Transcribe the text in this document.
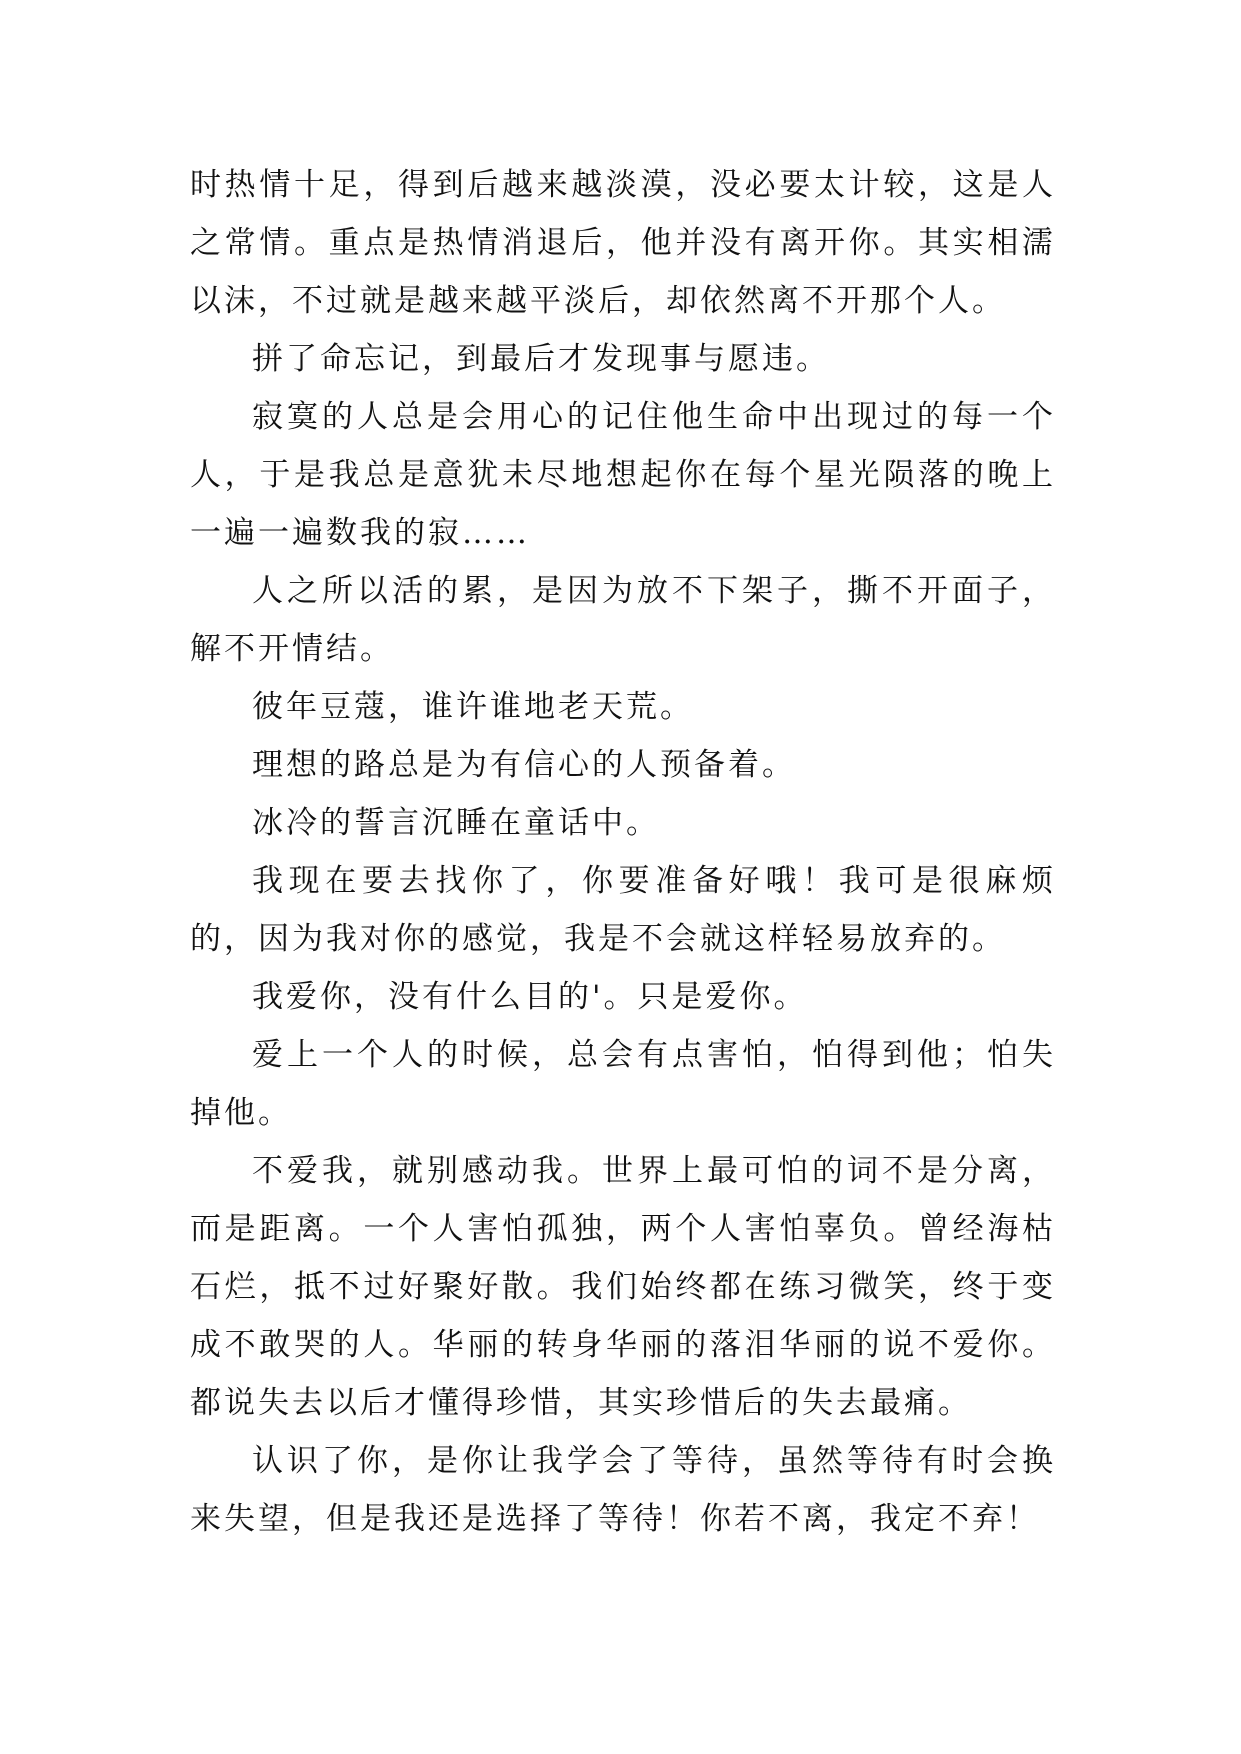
时热情十足，得到后越来越淡漠，没必要太计较，这是人之常情。重点是热情消退后，他并没有离开你。其实相濡以沫，不过就是越来越平淡后，却依然离不开那个人。

拼了命忘记，到最后才发现事与愿违。

寂寞的人总是会用心的记住他生命中出现过的每一个人，于是我总是意犹未尽地想起你在每个星光陨落的晚上一遍一遍数我的寂……

人之所以活的累，是因为放不下架子，撕不开面子，解不开情结。

彼年豆蔻，谁许谁地老天荒。

理想的路总是为有信心的人预备着。

冰冷的誓言沉睡在童话中。

我现在要去找你了，你要准备好哦！我可是很麻烦的，因为我对你的感觉，我是不会就这样轻易放弃的。

我爱你，没有什么目的'。只是爱你。

爱上一个人的时候，总会有点害怕，怕得到他；怕失掉他。

不爱我，就别感动我。世界上最可怕的词不是分离，而是距离。一个人害怕孤独，两个人害怕辜负。曾经海枯石烂，抵不过好聚好散。我们始终都在练习微笑，终于变成不敢哭的人。华丽的转身华丽的落泪华丽的说不爱你。都说失去以后才懂得珍惜，其实珍惜后的失去最痛。

认识了你，是你让我学会了等待，虽然等待有时会换来失望，但是我还是选择了等待！你若不离，我定不弃！
